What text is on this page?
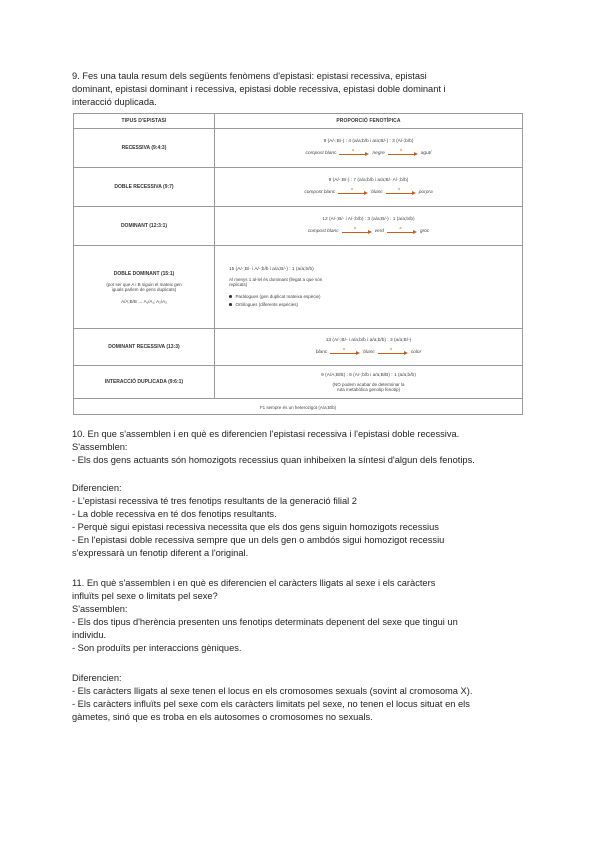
9. Fes una taula resum dels següents fenòmens d'epistasi: epistasi recessiva, epistasi
dominant, epistasi dominant i recessiva, epistasi doble recessiva, epistasi doble dominant i
interacció duplicada.
TIPUS D'EPISTASI	PROPORCIÓ FENOTÍPICA
RECESSIVA (9:4:3)
9 (A/-;B/-) : 4 (a/a;b/b i a/a;B/-) : 3 (A/-;b/b)
compost blanc
a
negre
b
agutí
DOBLE RECESSIVA (9:7)
9 (A/-;B/-) : 7 (a/a;b/b i a/a;B/- A/-;b/b)
compost blanc
a
blanc
b
porpra
DOMINANT (12:3:1)
12 (A/-;B/- i A/-;b/b) : 3 (a/a;B/-) : 1 (a/a;b/b)
compost blanc
b
verd
a
groc
DOBLE DOMINANT (15:1)
(pot ser que A i B siguin el mateix gen
iguals parlem de gens duplicats)
A/A;B/B → A₁/A₁; A₂/A₂
15 (A/-;B/- i A/-;b/b i a/a;B/-) : 1 (a/a;b/b)
Al menys 1 al·lel és dominant (llegat a que són
replicats)
Paràlogues (gen duplicat mateixa espècie)
Ortòlogues (diferents espècies)
DOMINANT RECESSIVA (13:3)
13 (A/-;B/- i a/a;b/b i a/a;b/b) : 3 (a/a;B/-)
blanc
a
blanc
b
color
INTERACCIÓ DUPLICADA (9:6:1)
9 (A/A;B/B) : 6 (A/-;b/b i a/a;B/B) : 1 (a/a;b/b)
(NO podem acabar de determinar la
ruta metabòlica genotip fenotip)
F1 sempre és un heterozigot (A/a;B/b)
10. En que s'assemblen i en què es diferencien l'epistasi recessiva i l'epistasi doble recessiva.
S'assemblen:
- Els dos gens actuants són homozigots recessius quan inhibeixen la síntesi d'algun dels fenotips.
Diferencien:
- L'epistasi recessiva té tres fenotips resultants de la generació filial 2
- La doble recessiva en té dos fenotips resultants.
- Perquè sigui epistasi recessiva necessita que els dos gens siguin homozigots recessius
- En l'epistasi doble recessiva sempre que un dels gen o ambdós sigui homozigot recessiu
s'expressarà un fenotip diferent a l'original.
11. En què s'assemblen i en què es diferencien el caràcters lligats al sexe i els caràcters
influïts pel sexe o limitats pel sexe?
S'assemblen:
- Els dos tipus d'herència presenten uns fenotips determinats depenent del sexe que tingui un
individu.
- Son produïts per interaccions gèniques.
Diferencien:
- Els caràcters lligats al sexe tenen el locus en els cromosomes sexuals (sovint al cromosoma X).
- Els caràcters influïts pel sexe com els caràcters limitats pel sexe, no tenen el locus situat en els
gàmetes, sinó que es troba en els autosomes o cromosomes no sexuals.
